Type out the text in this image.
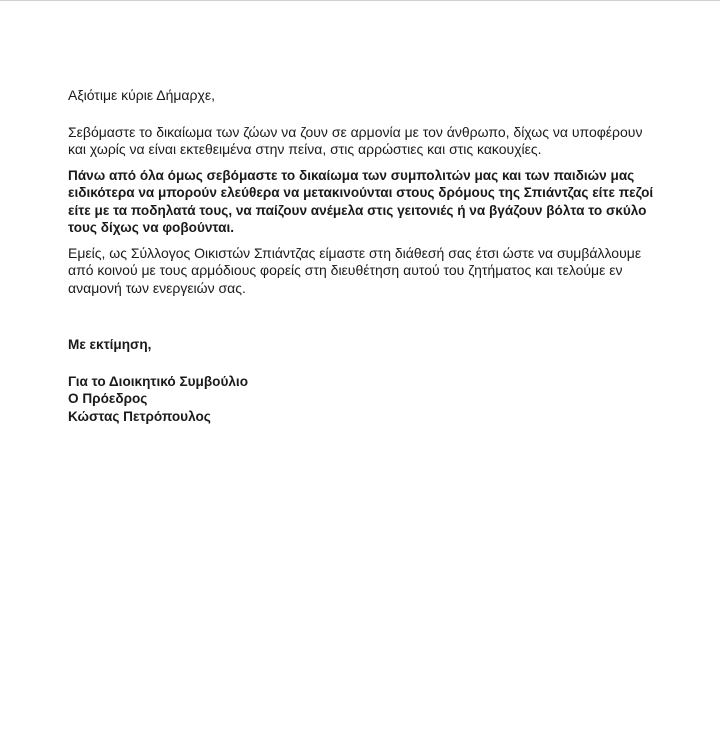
Αξιότιμε κύριε Δήμαρχε,

Σεβόμαστε το δικαίωμα των ζώων να ζουν σε αρμονία με τον άνθρωπο, δίχως να υποφέρουν και χωρίς να είναι εκτεθειμένα στην πείνα, στις αρρώστιες και στις κακουχίες.

Πάνω από όλα όμως σεβόμαστε το δικαίωμα των συμπολιτών μας και των παιδιών μας ειδικότερα να μπορούν ελεύθερα να μετακινούνται στους δρόμους της Σπιάντζας είτε πεζοί είτε με τα ποδηλατά τους, να παίζουν ανέμελα στις γειτονιές ή να βγάζουν βόλτα το σκύλο τους δίχως να φοβούνται.

Εμείς, ως Σύλλογος Οικιστών Σπιάντζας είμαστε στη διάθεσή σας έτσι ώστε να συμβάλλουμε από κοινού με τους αρμόδιους φορείς στη διευθέτηση αυτού του ζητήματος και τελούμε εν αναμονή των ενεργειών σας.

Με εκτίμηση,

Για το Διοικητικό Συμβούλιο
Ο Πρόεδρος
Κώστας Πετρόπουλος
